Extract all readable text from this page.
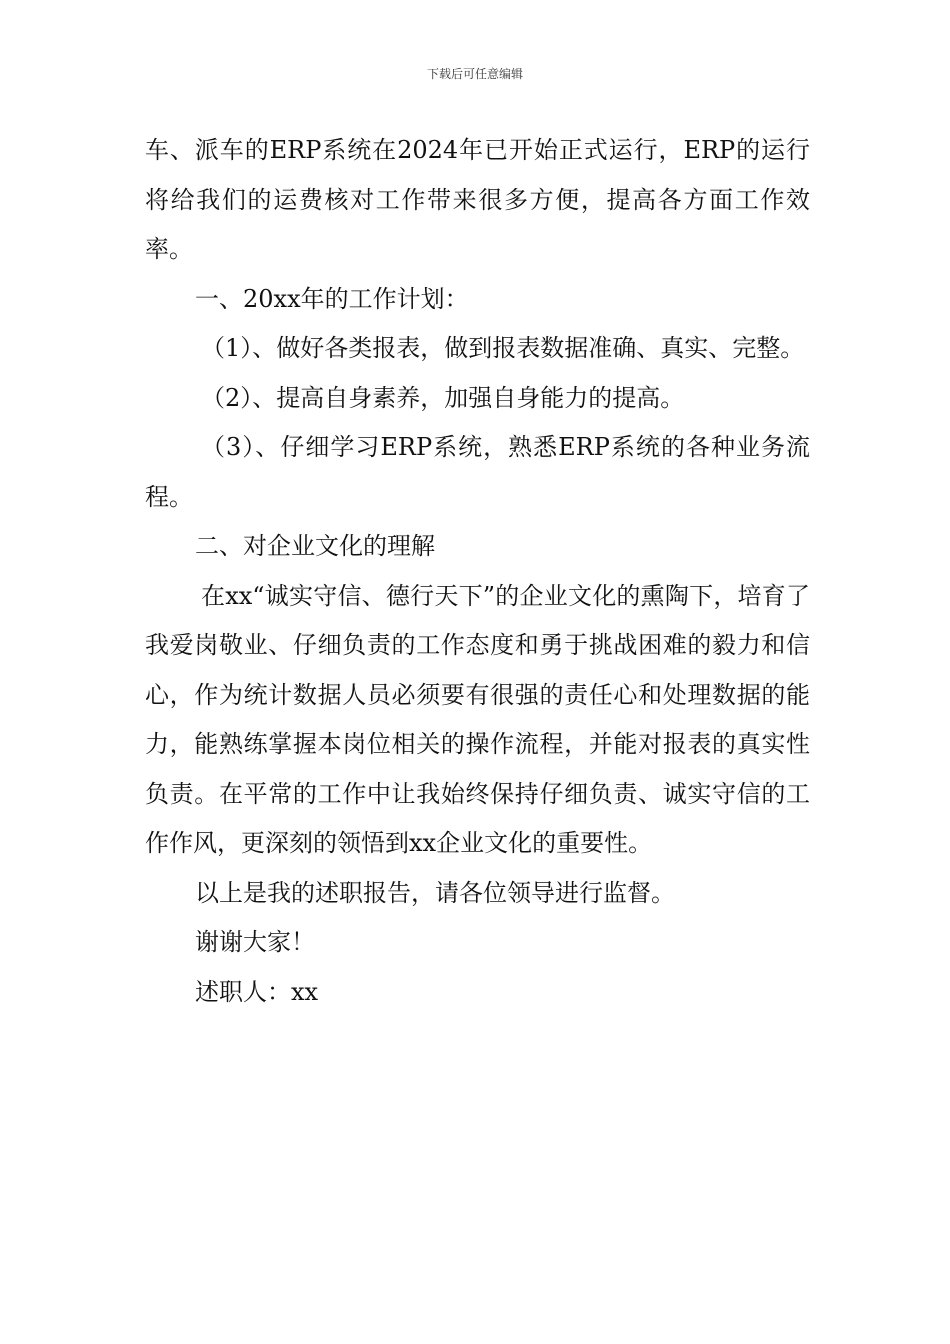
下载后可任意编辑

车、派车的ERP系统在2024年已开始正式运行，ERP的运行将给我们的运费核对工作带来很多方便，提高各方面工作效率。

一、20xx年的工作计划：

（1）、做好各类报表，做到报表数据准确、真实、完整。

（2）、提高自身素养，加强自身能力的提高。

（3）、仔细学习ERP系统，熟悉ERP系统的各种业务流程。

二、对企业文化的理解

在xx“诚实守信、德行天下”的企业文化的熏陶下，培育了我爱岗敬业、仔细负责的工作态度和勇于挑战困难的毅力和信心，作为统计数据人员必须要有很强的责任心和处理数据的能力，能熟练掌握本岗位相关的操作流程，并能对报表的真实性负责。在平常的工作中让我始终保持仔细负责、诚实守信的工作作风，更深刻的领悟到xx企业文化的重要性。

以上是我的述职报告，请各位领导进行监督。

谢谢大家！

述职人：xx
